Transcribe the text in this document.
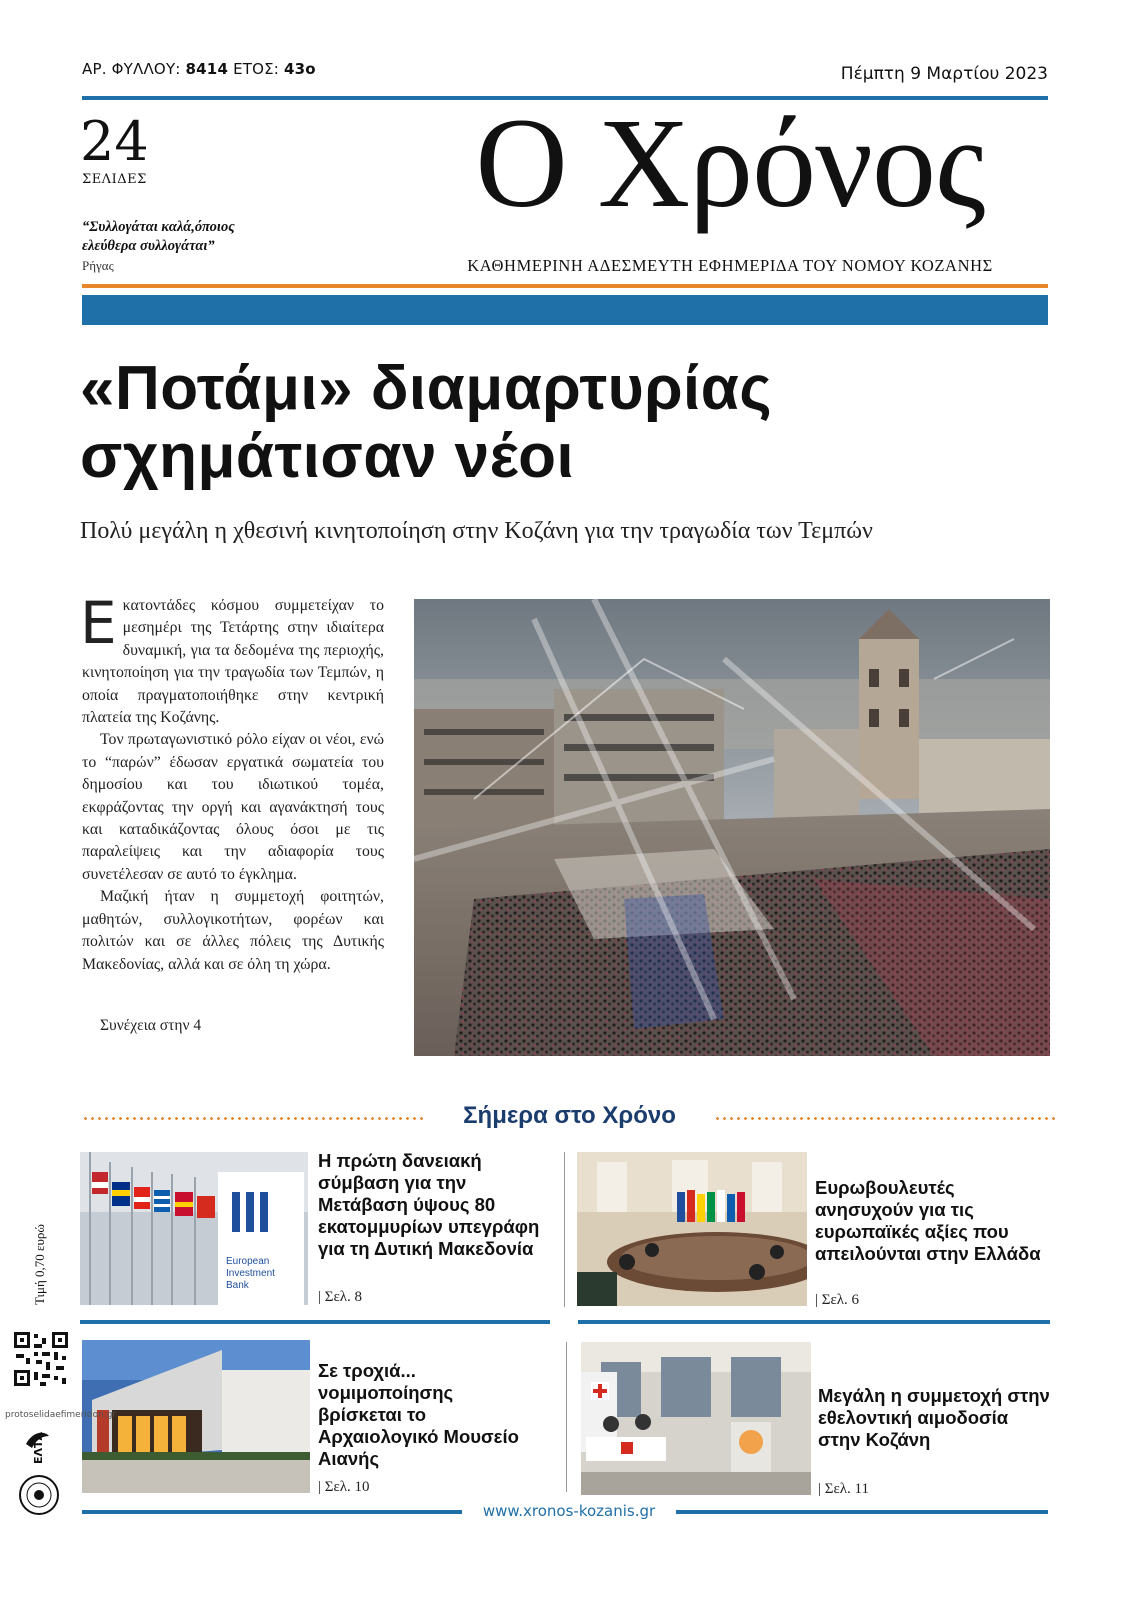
ΑΡ. ΦΥΛΛΟΥ: 8414 ΕΤΟΣ: 43ο	Πέμπτη 9 Μαρτίου 2023
24
ΣΕΛΙΔΕΣ
“Συλλογάται καλά,όποιος
ελεύθερα συλλογάται”
Ρήγας
Ο Χρόνος
ΚΑΘΗΜΕΡΙΝΗ ΑΔΕΣΜΕΥΤΗ ΕΦΗΜΕΡΙΔΑ ΤΟΥ ΝΟΜΟΥ ΚΟΖΑΝΗΣ
«Ποτάμι» διαμαρτυρίας
σχημάτισαν νέοι
Πολύ μεγάλη η χθεσινή κινητοποίηση στην Κοζάνη για την τραγωδία των Τεμπών

Εκατοντάδες κόσμου συμμετείχαν το μεσημέρι της Τετάρτης στην ιδιαίτερα δυναμική, για τα δεδομένα της περιοχής, κινητοποίηση για την τραγωδία των Τεμπών, η οποία πραγματοποιήθηκε στην κεντρική πλατεία της Κοζάνης.

Τον πρωταγωνιστικό ρόλο είχαν οι νέοι, ενώ το “παρών” έδωσαν εργατικά σωματεία του δημοσίου και του ιδιωτικού τομέα, εκφράζοντας την οργή και αγανάκτησή τους και καταδικάζοντας όλους όσοι με τις παραλείψεις και την αδιαφορία τους συνετέλεσαν σε αυτό το έγκλημα.

Μαζική ήταν η συμμετοχή φοιτητών, μαθητών, συλλογικοτήτων, φορέων και πολιτών και σε άλλες πόλεις της Δυτικής Μακεδονίας, αλλά και σε όλη τη χώρα.

Συνέχεια στην 4
Σήμερα στο Χρόνο
European
Investment
Bank
Η πρώτη δανειακή σύμβαση για την Μετάβαση ύψους 80 εκατομμυρίων υπεγράφη για τη Δυτική Μακεδονία
| Σελ. 8
Ευρωβουλευτές ανησυχούν για τις ευρωπαϊκές αξίες που απειλούνται στην Ελλάδα
| Σελ. 6
Σε τροχιά... νομιμοποίησης βρίσκεται το Αρχαιολογικό Μουσείο Αιανής
| Σελ. 10
Μεγάλη η συμμετοχή στην εθελοντική αιμοδοσία στην Κοζάνη
| Σελ. 11
Τιμή 0,70 ευρώ
protoselidaefimeridon.gr
ΕΛΤΑ
www.xronos-kozanis.gr
